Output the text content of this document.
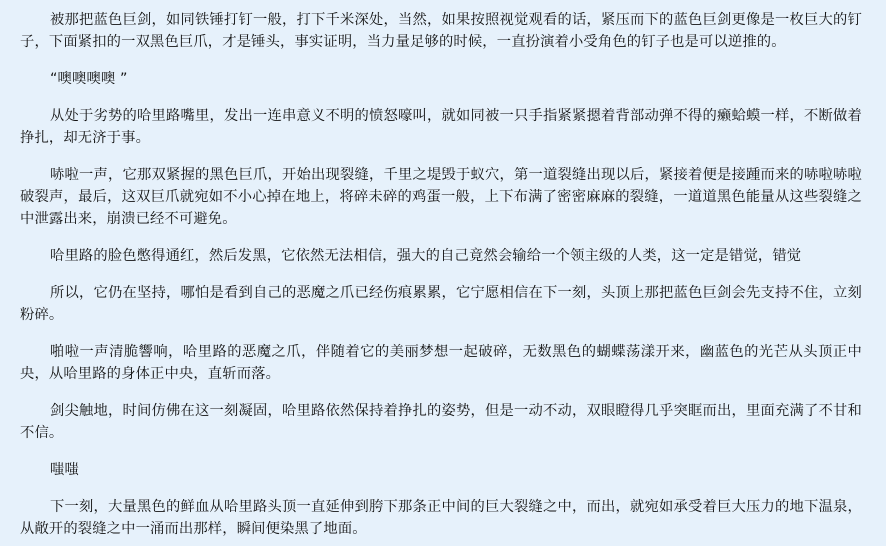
被那把蓝色巨剑，如同铁锤打钉一般，打下千米深处，当然，如果按照视觉观看的话，紧压而下的蓝色巨剑更像是一枚巨大的钉子，下面紧扣的一双黑色巨爪，才是锤头，事实证明，当力量足够的时候，一直扮演着小受角色的钉子也是可以逆推的。

“噢噢噢噢 ”

从处于劣势的哈里路嘴里，发出一连串意义不明的愤怒嚎叫，就如同被一只手指紧紧摁着背部动弹不得的癞蛤蟆一样，不断做着挣扎，却无济于事。

哧啦一声，它那双紧握的黑色巨爪，开始出现裂缝，千里之堤毁于蚁穴，第一道裂缝出现以后，紧接着便是接踵而来的哧啦哧啦破裂声，最后，这双巨爪就宛如不小心掉在地上，将碎未碎的鸡蛋一般，上下布满了密密麻麻的裂缝，一道道黑色能量从这些裂缝之中泄露出来，崩溃已经不可避免。

哈里路的脸色憋得通红，然后发黑，它依然无法相信，强大的自己竟然会输给一个领主级的人类，这一定是错觉，错觉

所以，它仍在坚持，哪怕是看到自己的恶魔之爪已经伤痕累累，它宁愿相信在下一刻，头顶上那把蓝色巨剑会先支持不住，立刻粉碎。

啪啦一声清脆響响，哈里路的恶魔之爪，伴随着它的美丽梦想一起破碎，无数黑色的蝴蝶荡漾开来，幽蓝色的光芒从头顶正中央，从哈里路的身体正中央，直斩而落。

剑尖触地，时间仿佛在这一刻凝固，哈里路依然保持着挣扎的姿势，但是一动不动，双眼瞪得几乎突眶而出，里面充满了不甘和不信。

嗤嗤

下一刻，大量黑色的鲜血从哈里路头顶一直延伸到胯下那条正中间的巨大裂缝之中，而出，就宛如承受着巨大压力的地下温泉，从敞开的裂缝之中一涌而出那样，瞬间便染黑了地面。
